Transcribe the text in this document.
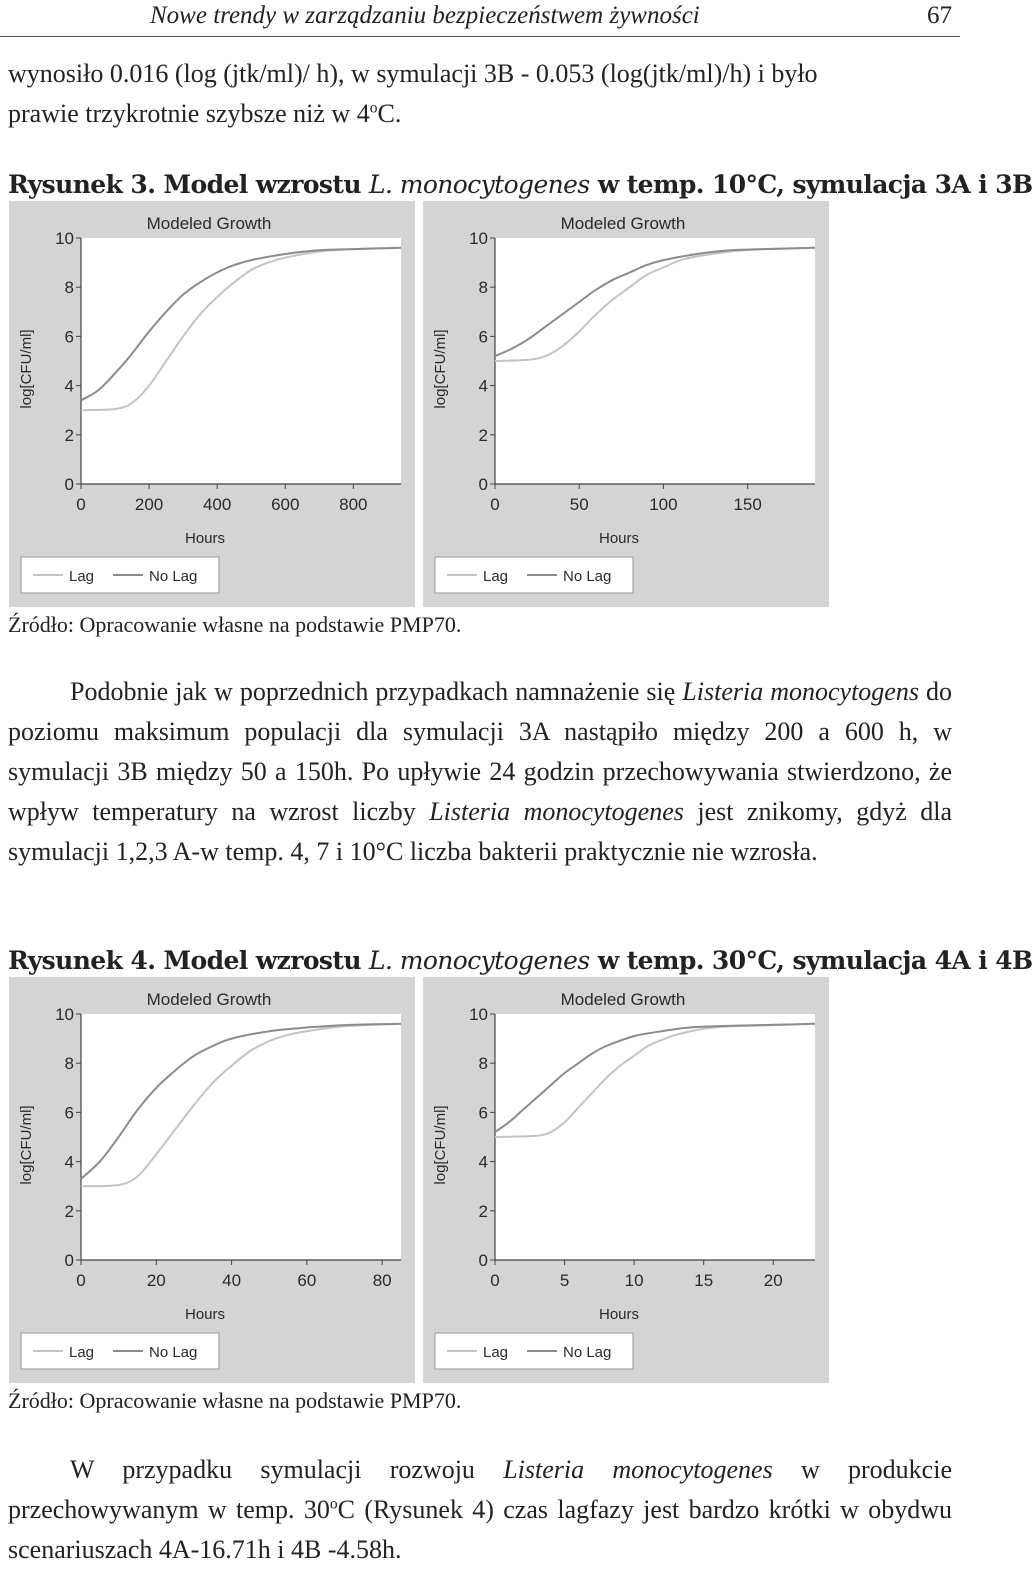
Nowe trendy w zarządzaniu bezpieczeństwem żywności	67
wynosiło 0.016 (log (jtk/ml)/ h), w symulacji 3B - 0.053 (log(jtk/ml)/h) i było
prawie trzykrotnie szybsze niż w 4$^o$C.
Rysunek 3. Model wzrostu L. monocytogenes w temp. 10°C, symulacja 3A i 3B
Modeled Growth
0
2
4
6
8
10
0	200 400 600 800
Hours
log[CFU/ml]
Lag	No Lag
Modeled Growth
0
2
4
6
8
10
0	50	100	150
Hours
log[CFU/ml]
Lag	No Lag
Źródło: Opracowanie własne na podstawie PMP70.
Podobnie jak w poprzednich przypadkach namnażenie się Listeria monocytogens do poziomu maksimum populacji dla symulacji 3A nastąpiło między 200 a 600 h, w symulacji 3B między 50 a 150h. Po upływie 24 godzin przechowywania stwierdzono, że wpływ temperatury na wzrost liczby Listeria monocytogenes jest znikomy, gdyż dla symulacji 1,2,3 A-w temp. 4, 7 i 10°C liczba bakterii praktycznie nie wzrosła.
Rysunek 4. Model wzrostu L. monocytogenes w temp. 30°C, symulacja 4A i 4B
Modeled Growth
0
2
4
6
8
10
0	20	40	60	80
Hours
log[CFU/ml]
Lag	No Lag
Modeled Growth
0
2
4
6
8
10
0	5	10	15	20
Hours
log[CFU/ml]
Lag	No Lag
Źródło: Opracowanie własne na podstawie PMP70.
W przypadku symulacji rozwoju Listeria monocytogenes w produkcie przechowywanym w temp. 30$^o$C (Rysunek 4) czas lagfazy jest bardzo krótki w obydwu scenariuszach 4A-16.71h i 4B -4.58h.
